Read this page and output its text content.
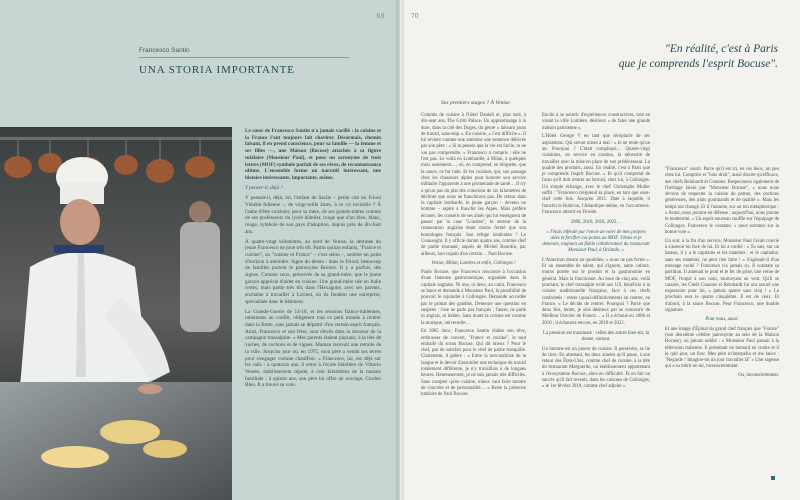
69
Francesco Santin
UNA STORIA IMPORTANTE

Le cœur de Francesco Santin n'a jamais vacillé : la cuisine et la France l'ont toujours fait chavirer. Désormais, chemin faisant, il en prend conscience, pour sa famille — la femme et ses filles —, une Maison (Bocuse) attachée à sa figure tutélaire (Monsieur Paul), et pour un acronyme de trois lettres (MOF) symbole parfait de ses rêves, de reconnaissance ultime. L'ensemble forme un narratif intéressant, une histoire intéressante, importante, même.

Y penser-il, déjà ?

Y pensait-il, déjà, lui, l'enfant de Sacile – petite cité du Frioul Vénétie-Julienne –, de vingt-mille âmes, à ce cri invisible ? À l'aube d'être cuisinier, pour sa mère, de ses grands-mères comme de ses professeurs du lycée hôtelier, rouge que d'un bleu, blanc, rouge, symbole de son pays d'adoption, depuis près de dix-huit ans.

À quatre-vingt kilomètres, au nord de Venise, la destinée du jeune Francesco ne joue très tôt. Parmi quinze enfants, "France et cuisine", ou "cuisine et France" – c'est selon –, semble un point d'horizon à atteindre. Signe du destin : dans le Frioul, beaucoup de familles portent le patronyme Bocuse. Il y a parfois, des signes. Comme ceux, préservés de sa grand-mère, que le jeune garçon apprécie d'aider en cuisine. Une grand-mère née en Italie certes, mais partie très tôt, dans l'Hexagone, avec ses parents, enchaîne à travailler à Lorient, où ils fondent une entreprise, spécialisée dans le bâtiment.

La Grande-Guerre de 14-18, et les tensions franco-italiennes, inhérentes au conflit, obligèrent tout ce petit monde à rentrer dans la Botte, sans jamais se départir d'un certain esprit français. Ainsi, Francesco et son frère, sont élevés dans la douceur de la campagne transalpine. « Mes parents étaient paysans, à la tête de vaches, de cochons et de vignes. Maman recevait une retraite de la ville. Jusqu'au jour où, en 1975, mon père a vendu ses terres pour s'engager comme chauffeur. » Francesco, lui, est déjà sur les rails : à quatorze ans, il entre à l'école hôtelière de Vittorio Veneto, établissement réputé, à cent kilomètres de la maison familiale ; à quinze ans, son père lui offre un ouvrage, Cordon Bleu. Il a trouvé sa voie.

70
"En réalité, c'est à Paris
que je comprends l'esprit Bocuse".
Ses premiers stages ? À Venise.

Commis de cuisine à l'hôtel Danieli et, plus tard, à dix-sept ans, The Gritti Palace. Un apprentissage à la dure, dans la cité des Doges, du genre « laissant jours de travail, sans-stop ». En cuisine, « c'est difficile ». Il lui revient comme une antienne une sentence délivrée par son père : « Si tu penses que la vie est facile, tu ne vas pas comprendre. » Francesco a compris : elle ne l'est pas. Le voilà en Lombardie, à Milan, à quelques mois seulement…, où, en comprend, en étiquette, que la sauce, ce fut rude. Et les cuisines, qui, son passage chez les chasseurs alpins pour honorer son service militaire l'apparente à une promenade de santé… Il n'y a qu'un pas du plat des conscient de six kilomètres de décliner que nous ne franchirons pas. De retour dans la capitale lombarde, le jeune garçon – devenu un homme – aspire à franchir les Alpes. Mais préfère écouter, les conseils de ses aînés qui lui enseignent de passer par la case "Londres", le secteur de la restauration anglaise étant moins fermé que son homologue français. Son refuge londonien ? Le Connaught. Il y officie durant quatre ans, comme chef de partie tournant, auprès de Michel Bourdin, par ailleurs, bon copain d'un certain… Paul Bocuse.

Venise, Milan, Londres et enfin, Collonges !

Paulo Bocuse, que Francesco rencontre à l'occasion d'une fameuse gastronomique, organisée dans la capitale anglaise. Ni une, ni deux, au culot, Francesco se lance et demande à Monsieur Paul, la possibilité de pouvoir le rejoindre à Collonges. Demande accordée par le primat des gandins. Demeure une question en suspens : l'ose ne parle pas français ; l'autre, ne parle ni anglais, ni italien. Sans doute la cuisine est comme la musique, universelle…

En 2005 donc, Francesco Santin réalise son rêve, embrasser de concert, "France et cuisine", le tout emballé du sceau Bocuse. Qui dit mieux ? Pour le chef, pas de satisfait pour le chef de partie tranquille. Clairement, il galère : « Entre la non-maîtrise de la langue et le devoir d'assimiler une technique de travail totalement différente, je n'y travaillais à de longues heures. Heureusement, je ne suis jamais très difficiles. Sans compter qu'en cuisine, mieux vaut faire montre de concrète et de personnalité… » Reste la présence tutélaire de Paul Bocuse.

Enclin à se nourrir d'expériences constructives, tout en visant la ville Lumière, désireux « de faire une grande maison parisienne ».

L'Hôtel George V en tant que réceptacle de ses aspirations. Qui seront mises à mal : « Je ne rente qu'un an. Pourquoi ? C'était compliqué… Quatre-vingt cuisiniers, un service en continu, la nécessité de travailler avec la mise en place de son prédécesseur. La qualité des produits, aussi. En réalité, c'est à Paris que je comprends l'esprit Bocuse. » Et qu'il comprend de facto qu'il doit rentrer au bercail, chez lui, à Collonges. Un simple échange, avec le chef Christophe Muller suffit : "Francesco (re)prend sa place, en tant que sous-chef cette fois. Jusqu'en 2011. Date à laquelle, il franchit le Rubicon, l'Atlantique même, en l'occurrence. Francesco atterrit en Floride.

2006, 2010, 2018, 2022…

« J'étais inféodé par l'envie de voler de mes propres ailes et fortifier ces points au MOF. J'étais et je demeure, toujours un fidèle collaborateur du restaurant Monsieur Paul, à Orlando. »

L'American dream au quotidien, « nous ne pas fortes ». Et un ensemble de talent, qui s'ignore, autre culture, moins portée sur le produit et la gastronomie en général. Mais la fonctionne. Au bout de cinq ans, voilà pourtant, le chef transalpin exilé aux US, bénéficie à la cuisine traditionnelle française, face à ces chefs confrontés : rester (quasi-définitivement) ou rentrer, en France. « Le décide de rentrer. Pourquoi ? Parce que deux fois, tenter, je suis désireux par se concourir de Meilleur Ouvrier de France… » Il a échoué en 2006 et 2010 ; il échouera encore, en 2018 et 2022.

La pression est maximale : celles des autres bien sûr, la tienne, surtout.

Un homme est un joueur de cuisine. Il persévère, se lie de rires. En attestant, les deux années qu'il passe, à son retour des États-Unis, comme chef de cuisine, à la tête du restaurant Marguerite, un établissement appartenant à l'écosystème Bocuse, alors en difficulté. Et en fait un succès qu'il fait revenir, dans les cuisines de Collonges, « le 1er février 2018, comme chef adjoint ».

"Francesco" sourit. Parce qu'il est ici, en ces lieux, un peu chez lui. Complice et "bras droit", aussi discret qu'efficace, des chefs Reinhardt et Cussons. Respectueux également de l'héritage laissé par "Monsieur Bocuse", « nous nous devons de respecter la cuisine du patron, des portions généreuses, des plats gourmands et de qualité ». Mais les temps ont changé. Et il l'assume, sur un ton métaphorique : « Avant, nous jouions en défense ; aujourd'hui, nous jouons le modernité. » Un esprit nouveau souffle sur l'équipage de Collonges. Francesco le constate, « nous sommes sur la bonne voie ».

Un soir, à la fin d'un service, Monsieur Paul l'avait convié à s'asseoir en face de lui. Et lui a confié : « Tu sais, sur un bateau, il y a le capitaine et les matelots ; et le capitaine, sans ses matelots, ne peut rien faire ! » S'agissait-il d'un message caché ? Francesco n'a jamais su. Il constate sa partition. Il amenait le pont et le fer de grisé, une veine de MOF, l'toqué à son nom, tournoyant au vent. Qu'il se rassure, les Chefs Cussons et Reinhardt lui ont assuré une expression pour lui, « jamais quatre sans cinq ! » Le prochain sera le quatre cinquième. Il est de ceux. Et d'abord, à la sauce Bocuse. Peur Francesco, une double signature.

Pour nous, aussi.

Et une image d'Épinal du grand chef français que "France" (son deuxième célèbre patronyme au sein de la Maison Bocuse), où jamais oublié : « Monsieur Paul passait à la télévision italienne. Il présentait un homard en croûte et il le quit jour, un four. Mes père m'interpella et me lance : "Regarde ! Imagine-toi un jour travailler là" » Une sagesse qui a su mûrir en lui, inconsciemment.

Ou, inconsciemment.
